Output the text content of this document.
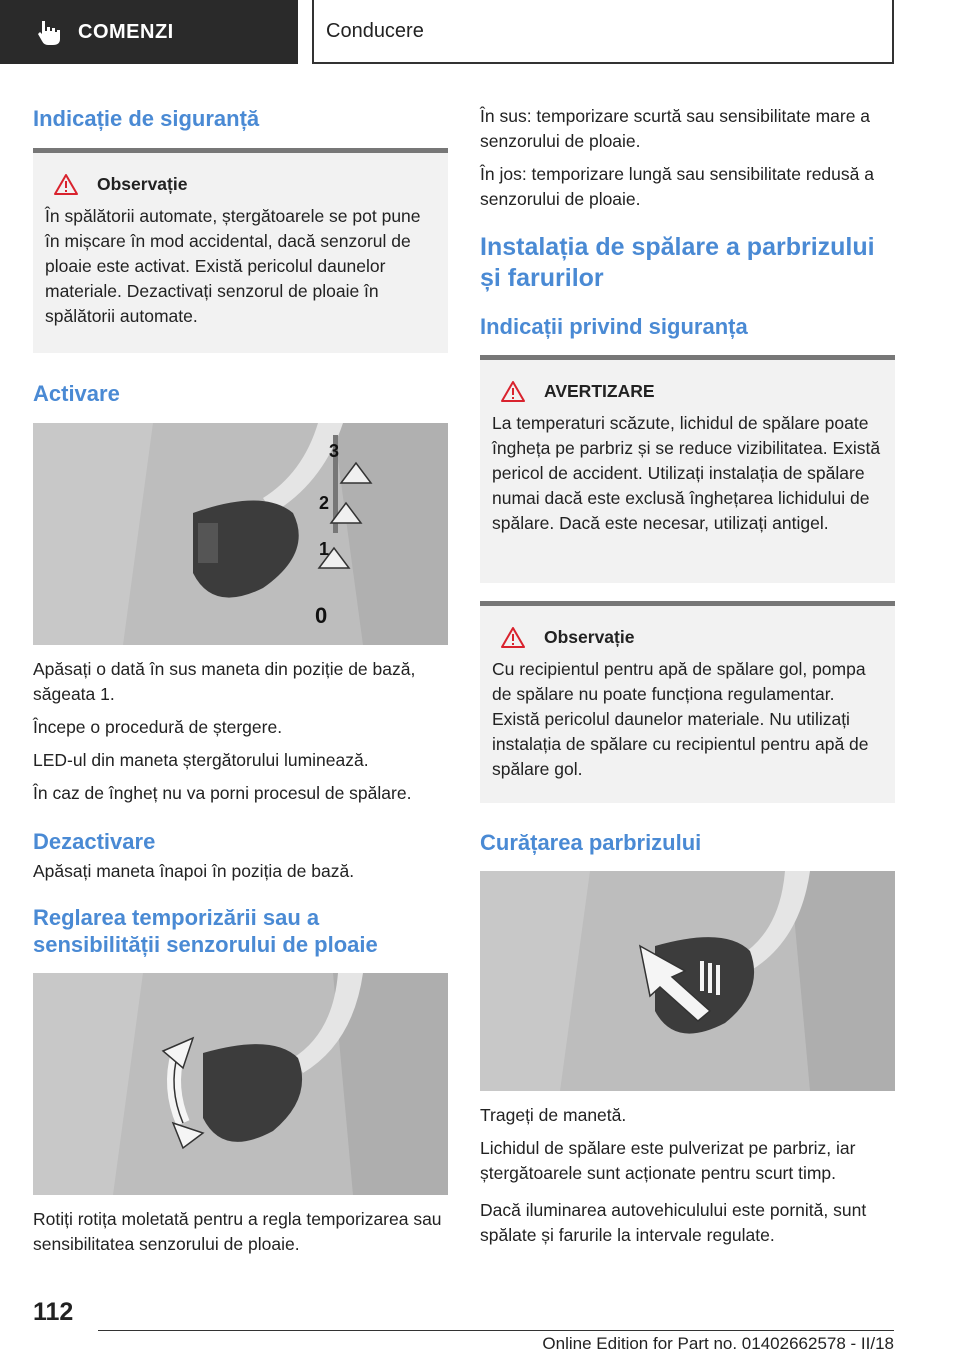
COMENZI	Conducere
Indicație de siguranță
Observație

În spălătorii automate, ștergătoarele se pot pune în mișcare în mod accidental, dacă senzorul de ploaie este activat. Există pericolul daunelor materiale. Dezactivați senzorul de ploaie în spălătorii automate.

Activare
3
2
1
0

Apăsați o dată în sus maneta din poziție de bază, săgeata 1.

Începe o procedură de ștergere.

LED-ul din maneta ștergătorului luminează.

În caz de îngheț nu va porni procesul de spălare.

Dezactivare

Apăsați maneta înapoi în poziția de bază.

Reglarea temporizării sau a sensibilității senzorului de ploaie

Rotiți rotița moletată pentru a regla temporizarea sau sensibilitatea senzorului de ploaie.

În sus: temporizare scurtă sau sensibilitate mare a senzorului de ploaie.

În jos: temporizare lungă sau sensibilitate redusă a senzorului de ploaie.

Instalația de spălare a parbrizului și farurilor
Indicații privind siguranța
AVERTIZARE

La temperaturi scăzute, lichidul de spălare poate îngheța pe parbriz și se reduce vizibilitatea. Există pericol de accident. Utilizați instalația de spălare numai dacă este exclusă înghețarea lichidului de spălare. Dacă este necesar, utilizați antigel.

Observație

Cu recipientul pentru apă de spălare gol, pompa de spălare nu poate funcționa regulamentar. Există pericolul daunelor materiale. Nu utilizați instalația de spălare cu recipientul pentru apă de spălare gol.

Curățarea parbrizului

Trageți de manetă.

Lichidul de spălare este pulverizat pe parbriz, iar ștergătoarele sunt acționate pentru scurt timp.

Dacă iluminarea autovehiculului este pornită, sunt spălate și farurile la intervale regulate.

112
Online Edition for Part no. 01402662578 - II/18
